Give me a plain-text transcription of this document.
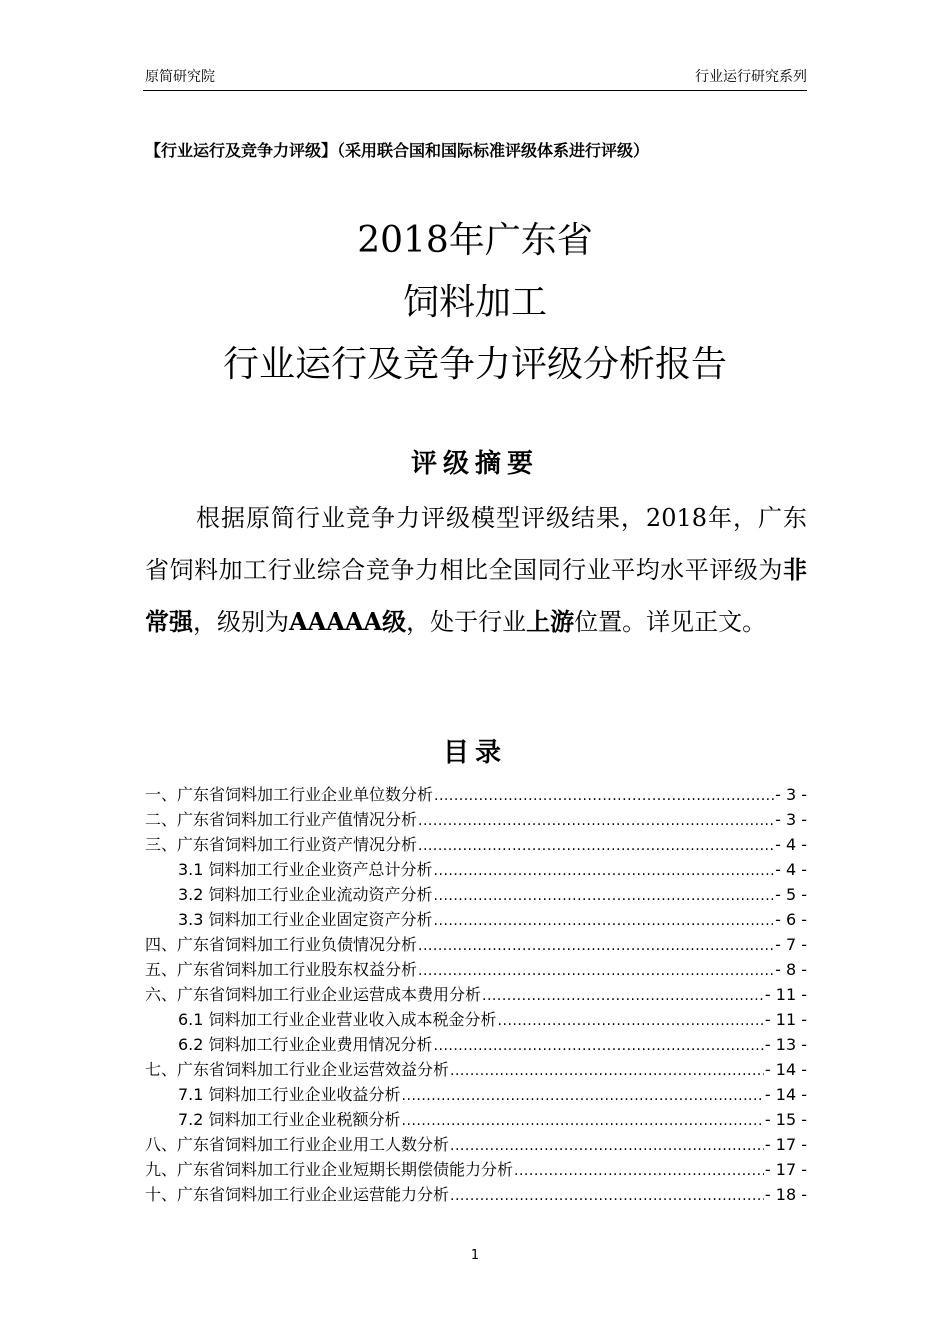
原简研究院	行业运行研究系列
【行业运行及竞争力评级】（采用联合国和国际标准评级体系进行评级）
2018年广东省
饲料加工
行业运行及竞争力评级分析报告
评级摘要

根据原简行业竞争力评级模型评级结果，2018年，广东省饲料加工行业综合竞争力相比全国同行业平均水平评级为非常强，级别为AAAAA级，处于行业上游位置。详见正文。

目录
一、广东省饲料加工行业企业单位数分析 .....	- 3 -
二、广东省饲料加工行业产值情况分析 .....	- 3 -
三、广东省饲料加工行业资产情况分析 .....	- 4 -
3.1 饲料加工行业企业资产总计分析 .....	- 4 -
3.2 饲料加工行业企业流动资产分析 .....	- 5 -
3.3 饲料加工行业企业固定资产分析 .....	- 6 -
四、广东省饲料加工行业负债情况分析 .....	- 7 -
五、广东省饲料加工行业股东权益分析 .....	- 8 -
六、广东省饲料加工行业企业运营成本费用分析 .....	- 11 -
6.1 饲料加工行业企业营业收入成本税金分析 .....	- 11 -
6.2 饲料加工行业企业费用情况分析 .....	- 13 -
七、广东省饲料加工行业企业运营效益分析 .....	- 14 -
7.1 饲料加工行业企业收益分析 .....	- 14 -
7.2 饲料加工行业企业税额分析 .....	- 15 -
八、广东省饲料加工行业企业用工人数分析 .....	- 17 -
九、广东省饲料加工行业企业短期长期偿债能力分析 .....	- 17 -
十、广东省饲料加工行业企业运营能力分析 .....	- 18 -
1
